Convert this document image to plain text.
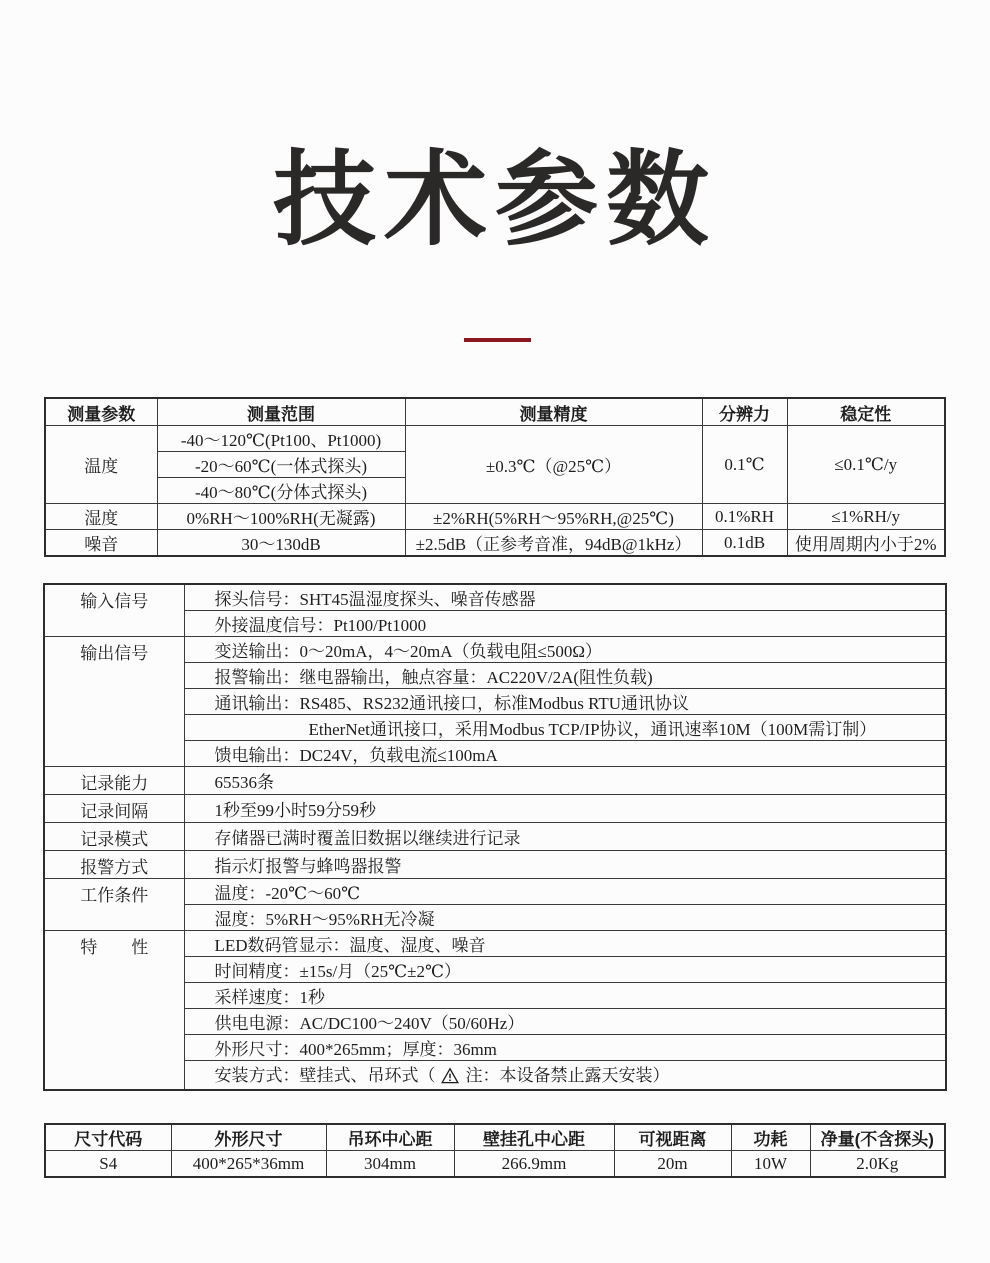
技术参数
测量参数	测量范围	测量精度	分辨力	稳定性
温度	-40～120℃(Pt100、Pt1000)	±0.3℃（@25℃）	0.1℃	≤0.1℃/y
	-20～60℃(一体式探头)			
	-40～80℃(分体式探头)			
湿度	0%RH～100%RH(无凝露)	±2%RH(5%RH～95%RH,@25℃)	0.1%RH	≤1%RH/y
噪音	30～130dB	±2.5dB（正参考音准，94dB@1kHz）	0.1dB	使用周期内小于2%
输入信号	探头信号：SHT45温湿度探头、噪音传感器
	外接温度信号：Pt100/Pt1000
输出信号	变送输出：0～20mA，4～20mA（负载电阻≤500Ω）
	报警输出：继电器输出，触点容量：AC220V/2A(阻性负载)
	通讯输出：RS485、RS232通讯接口，标准Modbus RTU通讯协议
	EtherNet通讯接口，采用Modbus TCP/IP协议，通讯速率10M（100M需订制）
	馈电输出：DC24V，负载电流≤100mA
记录能力	65536条
记录间隔	1秒至99小时59分59秒
记录模式	存储器已满时覆盖旧数据以继续进行记录
报警方式	指示灯报警与蜂鸣器报警
工作条件	温度：-20℃～60℃
	湿度：5%RH～95%RH无冷凝
特　　性	LED数码管显示：温度、湿度、噪音
	时间精度：±15s/月（25℃±2℃）
	采样速度：1秒
	供电电源：AC/DC100～240V（50/60Hz）
	外形尺寸：400*265mm；厚度：36mm
	安装方式：壁挂式、吊环式（ 注：本设备禁止露天安装）
尺寸代码	外形尺寸	吊环中心距	壁挂孔中心距	可视距离	功耗	净量(不含探头)
S4	400*265*36mm	304mm	266.9mm	20m	10W	2.0Kg
